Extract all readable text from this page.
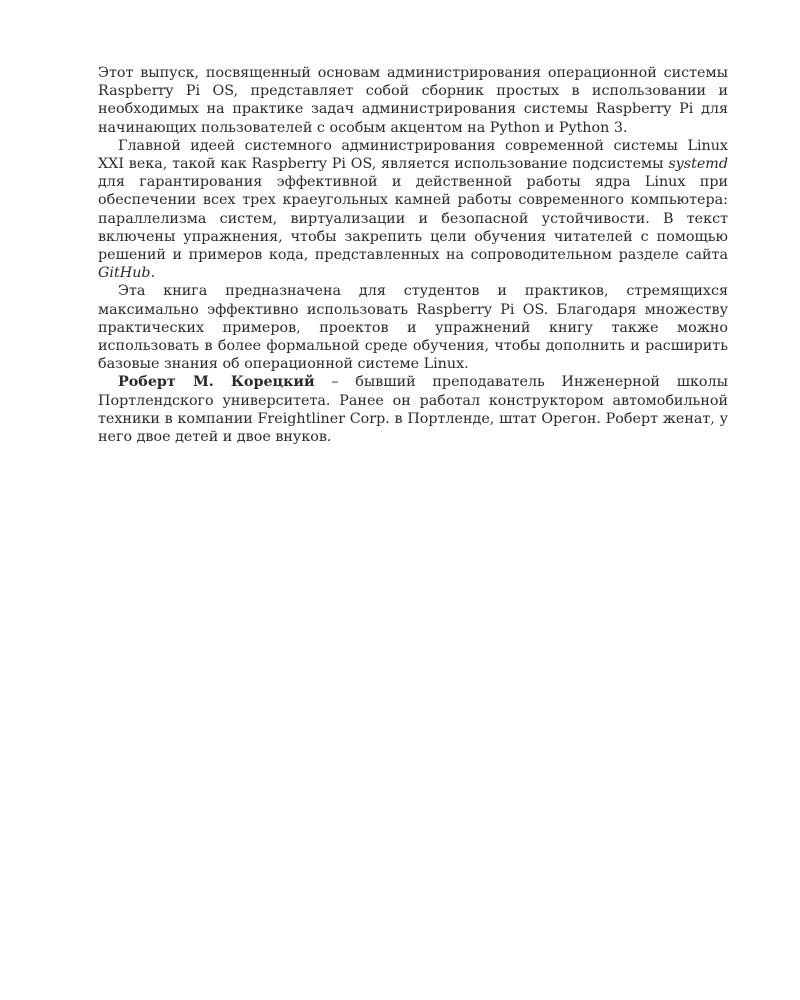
Этот выпуск, посвященный основам администрирования операционной системы Raspberry Pi OS, представляет собой сборник простых в использовании и необходимых на практике задач администрирования системы Raspberry Pi для начинающих пользователей с особым акцентом на Python и Python 3.

Главной идеей системного администрирования современной системы Linux XXI века, такой как Raspberry Pi OS, является использование подсистемы systemd для гарантирования эффективной и действенной работы ядра Linux при обеспечении всех трех краеугольных камней работы современного компьютера: параллелизма систем, виртуализации и безопасной устойчивости. В текст включены упражнения, чтобы закрепить цели обучения читателей с помощью решений и примеров кода, представленных на сопроводительном разделе сайта GitHub.

Эта книга предназначена для студентов и практиков, стремящихся максимально эффективно использовать Raspberry Pi OS. Благодаря множеству практических примеров, проектов и упражнений книгу также можно использовать в более формальной среде обучения, чтобы дополнить и расширить базовые знания об операционной системе Linux.

Роберт М. Корецкий – бывший преподаватель Инженерной школы Портлендского университета. Ранее он работал конструктором автомобильной техники в компании Freightliner Corp. в Портленде, штат Орегон. Роберт женат, у него двое детей и двое внуков.
